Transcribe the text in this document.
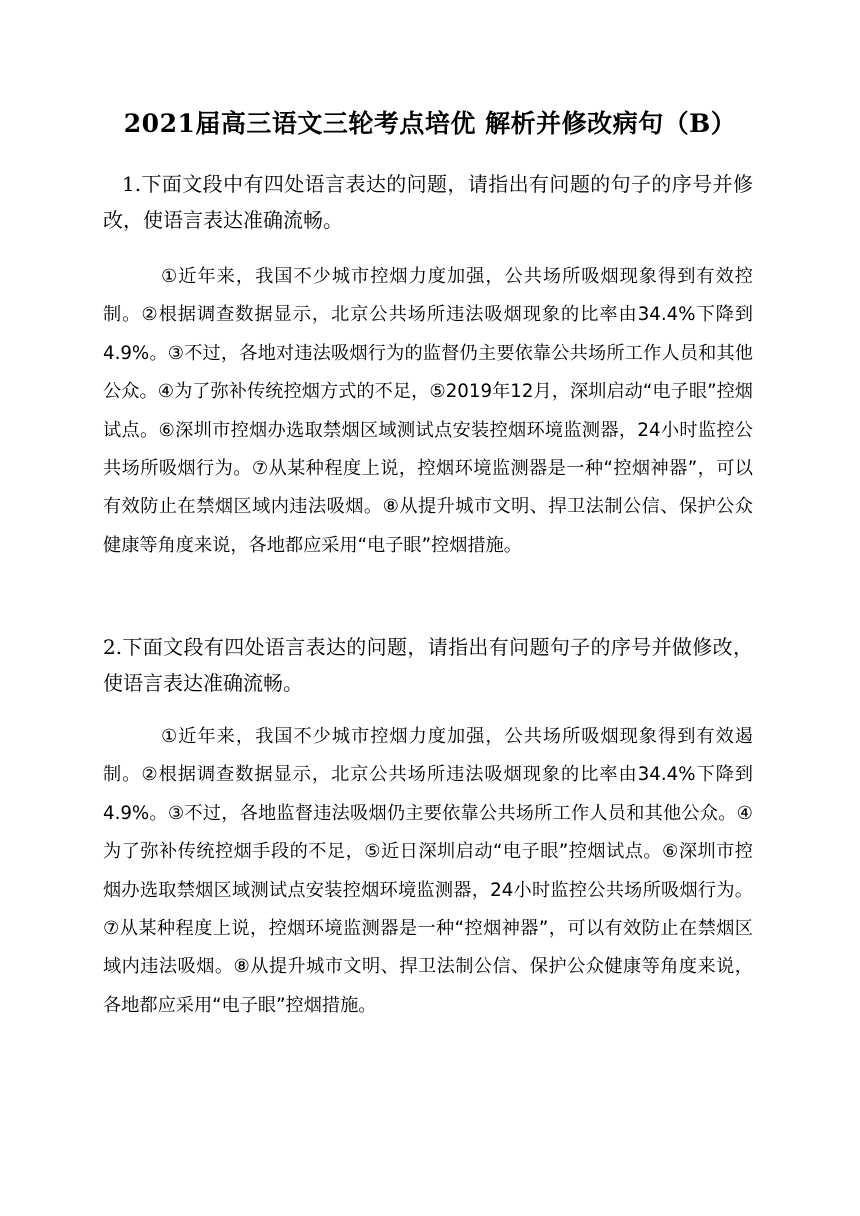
2021届高三语文三轮考点培优 解析并修改病句（B）

1.下面文段中有四处语言表达的问题，请指出有问题的句子的序号并修改，使语言表达准确流畅。

①近年来，我国不少城市控烟力度加强，公共场所吸烟现象得到有效控制。②根据调查数据显示，北京公共场所违法吸烟现象的比率由34.4%下降到4.9%。③不过，各地对违法吸烟行为的监督仍主要依靠公共场所工作人员和其他公众。④为了弥补传统控烟方式的不足，⑤2019年12月，深圳启动“电子眼”控烟试点。⑥深圳市控烟办选取禁烟区域测试点安装控烟环境监测器，24小时监控公共场所吸烟行为。⑦从某种程度上说，控烟环境监测器是一种“控烟神器”，可以有效防止在禁烟区域内违法吸烟。⑧从提升城市文明、捍卫法制公信、保护公众健康等角度来说，各地都应采用“电子眼”控烟措施。

2.下面文段有四处语言表达的问题，请指出有问题句子的序号并做修改，使语言表达准确流畅。

①近年来，我国不少城市控烟力度加强，公共场所吸烟现象得到有效遏制。②根据调查数据显示，北京公共场所违法吸烟现象的比率由34.4%下降到4.9%。③不过，各地监督违法吸烟仍主要依靠公共场所工作人员和其他公众。④为了弥补传统控烟手段的不足，⑤近日深圳启动“电子眼”控烟试点。⑥深圳市控烟办选取禁烟区域测试点安装控烟环境监测器，24小时监控公共场所吸烟行为。⑦从某种程度上说，控烟环境监测器是一种“控烟神器”，可以有效防止在禁烟区域内违法吸烟。⑧从提升城市文明、捍卫法制公信、保护公众健康等角度来说，各地都应采用“电子眼”控烟措施。
